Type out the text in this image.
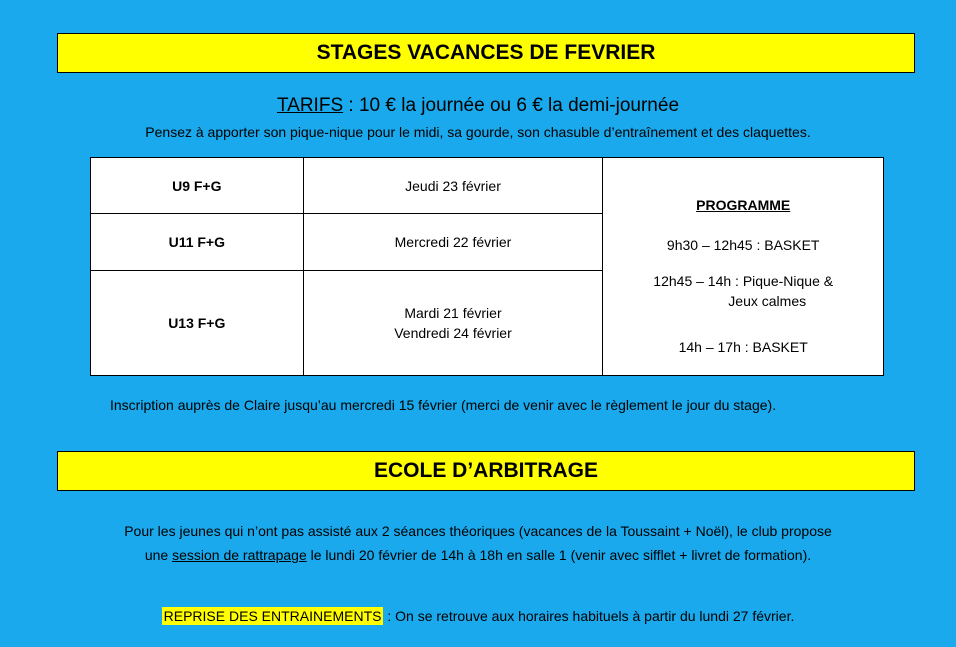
STAGES VACANCES DE FEVRIER
TARIFS : 10 € la journée ou 6 € la demi-journée
Pensez à apporter son pique-nique pour le midi, sa gourde, son chasuble d’entraînement et des claquettes.
U9 F+G	Jeudi 23 février	PROGRAMME
9h30 – 12h45 : BASKET
12h45 – 14h : Pique-Nique &
Jeux calmes
14h – 17h : BASKET

U11 F+G	Mercredi 22 février	

U13 F+G	Mardi 21 février
Vendredi 24 février	
Inscription auprès de Claire jusqu’au mercredi 15 février (merci de venir avec le règlement le jour du stage).
ECOLE D’ARBITRAGE
Pour les jeunes qui n’ont pas assisté aux 2 séances théoriques (vacances de la Toussaint + Noël), le club propose
une session de rattrapage le lundi 20 février de 14h à 18h en salle 1 (venir avec sifflet + livret de formation).
REPRISE DES ENTRAINEMENTS : On se retrouve aux horaires habituels à partir du lundi 27 février.
